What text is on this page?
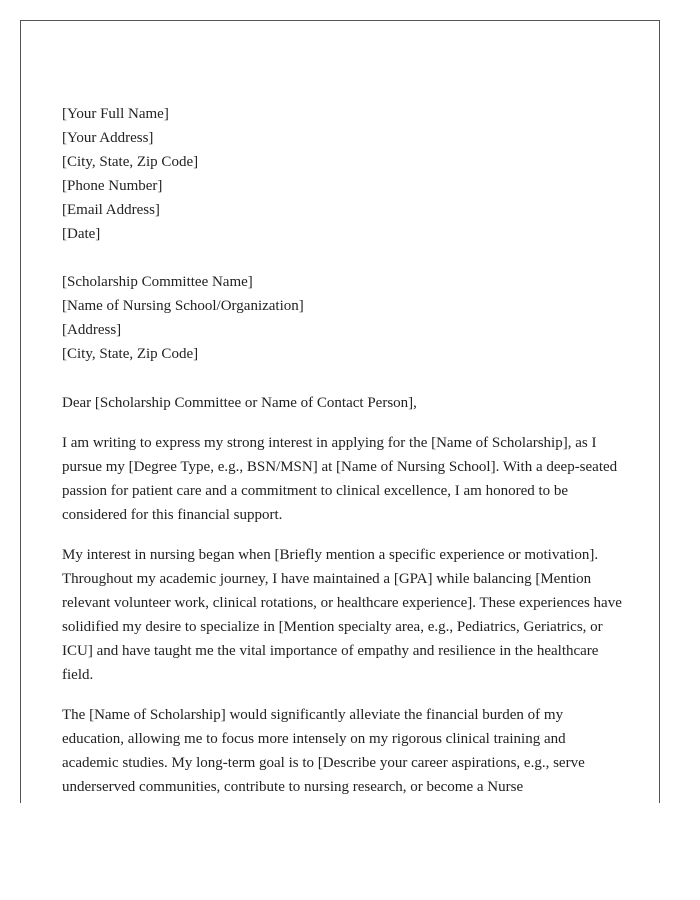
[Your Full Name]
[Your Address]
[City, State, Zip Code]
[Phone Number]
[Email Address]
[Date]
[Scholarship Committee Name]
[Name of Nursing School/Organization]
[Address]
[City, State, Zip Code]
Dear [Scholarship Committee or Name of Contact Person],

I am writing to express my strong interest in applying for the [Name of Scholarship], as I pursue my [Degree Type, e.g., BSN/MSN] at [Name of Nursing School]. With a deep-seated passion for patient care and a commitment to clinical excellence, I am honored to be considered for this financial support.

My interest in nursing began when [Briefly mention a specific experience or motivation]. Throughout my academic journey, I have maintained a [GPA] while balancing [Mention relevant volunteer work, clinical rotations, or healthcare experience]. These experiences have solidified my desire to specialize in [Mention specialty area, e.g., Pediatrics, Geriatrics, or ICU] and have taught me the vital importance of empathy and resilience in the healthcare field.

The [Name of Scholarship] would significantly alleviate the financial burden of my education, allowing me to focus more intensely on my rigorous clinical training and academic studies. My long-term goal is to [Describe your career aspirations, e.g., serve underserved communities, contribute to nursing research, or become a Nurse
